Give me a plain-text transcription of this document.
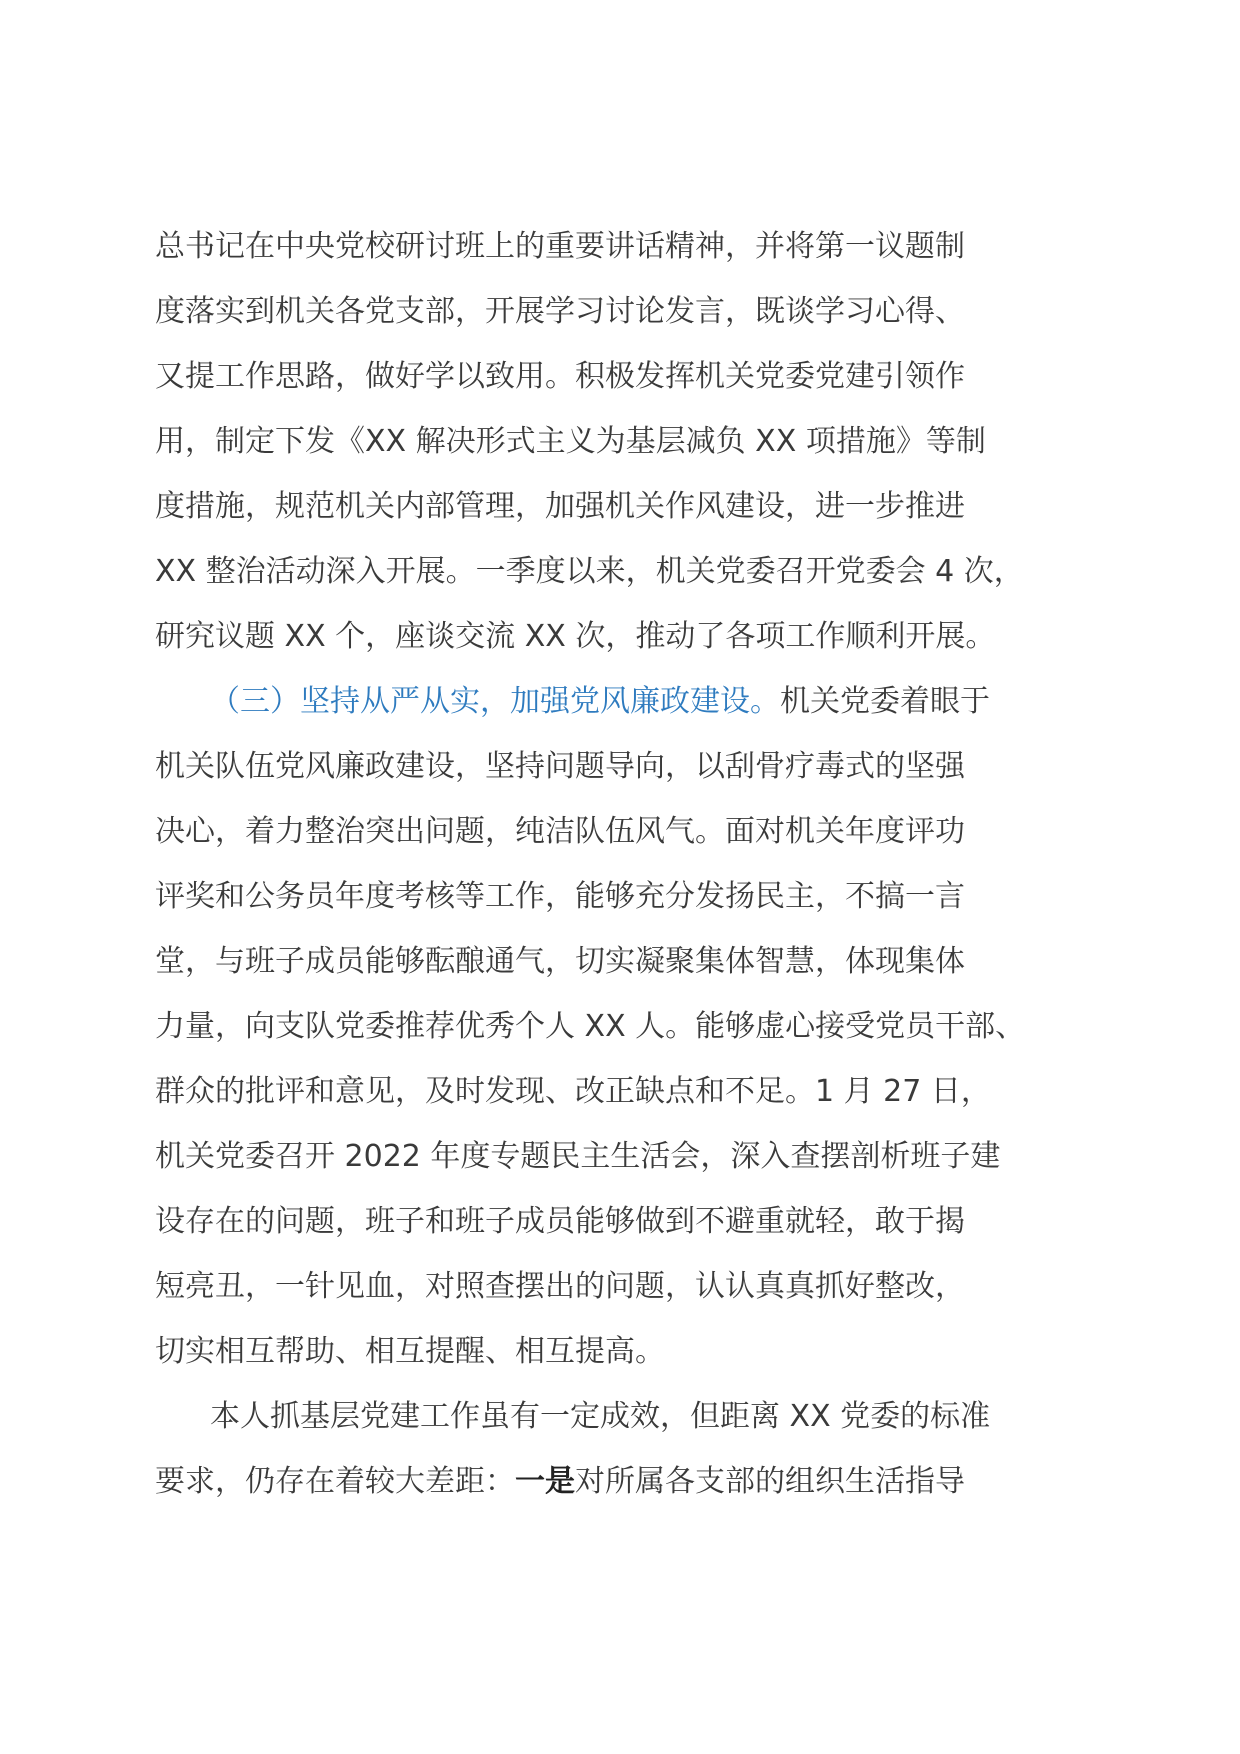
总书记在中央党校研讨班上的重要讲话精神，并将第一议题制
度落实到机关各党支部，开展学习讨论发言，既谈学习心得、
又提工作思路，做好学以致用。积极发挥机关党委党建引领作
用，制定下发《XX 解决形式主义为基层减负 XX 项措施》等制
度措施，规范机关内部管理，加强机关作风建设，进一步推进
XX 整治活动深入开展。一季度以来，机关党委召开党委会 4 次，
研究议题 XX 个，座谈交流 XX 次，推动了各项工作顺利开展。
（三）坚持从严从实，加强党风廉政建设。 机关党委着眼于
机关队伍党风廉政建设，坚持问题导向，以刮骨疗毒式的坚强
决心，着力整治突出问题，纯洁队伍风气。面对机关年度评功
评奖和公务员年度考核等工作，能够充分发扬民主，不搞一言
堂，与班子成员能够酝酿通气，切实凝聚集体智慧，体现集体
力量，向支队党委推荐优秀个人 XX 人。能够虚心接受党员干部、
群众的批评和意见，及时发现、改正缺点和不足。1 月 27 日，
机关党委召开 2022 年度专题民主生活会，深入查摆剖析班子建
设存在的问题，班子和班子成员能够做到不避重就轻，敢于揭
短亮丑，一针见血，对照查摆出的问题，认认真真抓好整改，
切实相互帮助、相互提醒、相互提高。
本人抓基层党建工作虽有一定成效，但距离 XX 党委的标准
要求，仍存在着较大差距： 一是 对所属各支部的组织生活指导
